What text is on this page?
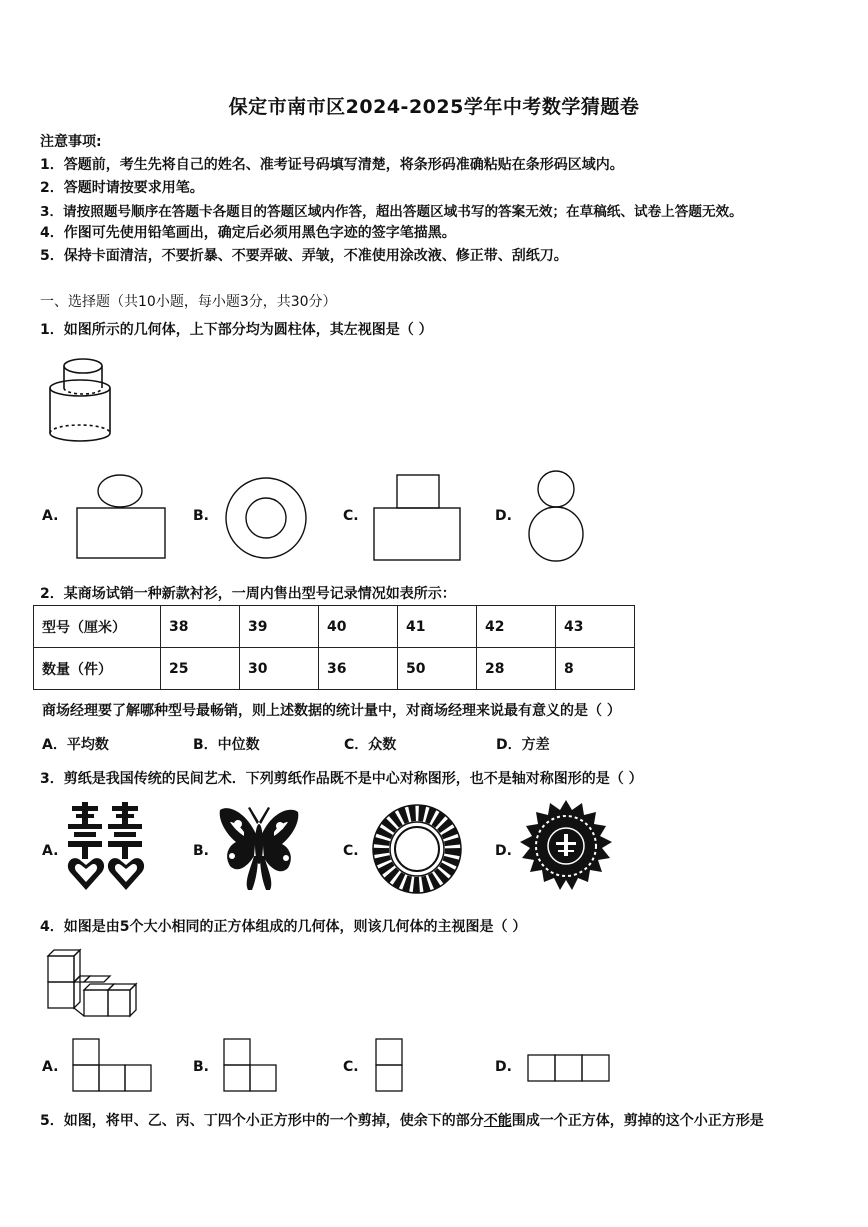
保定市南市区2024-2025学年中考数学猜题卷
注意事项:
1．答题前，考生先将自己的姓名、准考证号码填写清楚，将条形码准确粘贴在条形码区域内。
2．答题时请按要求用笔。
3．请按照题号顺序在答题卡各题目的答题区域内作答，超出答题区域书写的答案无效；在草稿纸、试卷上答题无效。
4．作图可先使用铅笔画出，确定后必须用黑色字迹的签字笔描黑。
5．保持卡面清洁，不要折暴、不要弄破、弄皱，不准使用涂改液、修正带、刮纸刀。
一、选择题（共10小题，每小题3分，共30分）
1．如图所示的几何体，上下部分均为圆柱体，其左视图是（ ）
A.	B.	C.	D.
2．某商场试销一种新款衬衫，一周内售出型号记录情况如表所示：
型号（厘米）	38	39	40	41	42	43
数量（件）	25	30	36	50	28	8
商场经理要了解哪种型号最畅销，则上述数据的统计量中，对商场经理来说最有意义的是（ ）
A．平均数	B．中位数	C．众数	D．方差
3．剪纸是我国传统的民间艺术．下列剪纸作品既不是中心对称图形，也不是轴对称图形的是（ ）
A.	B.	C.	D.
4．如图是由5个大小相同的正方体组成的几何体，则该几何体的主视图是（ ）
A.	B.	C.	D.
5．如图，将甲、乙、丙、丁四个小正方形中的一个剪掉，使余下的部分不能围成一个正方体，剪掉的这个小正方形是
